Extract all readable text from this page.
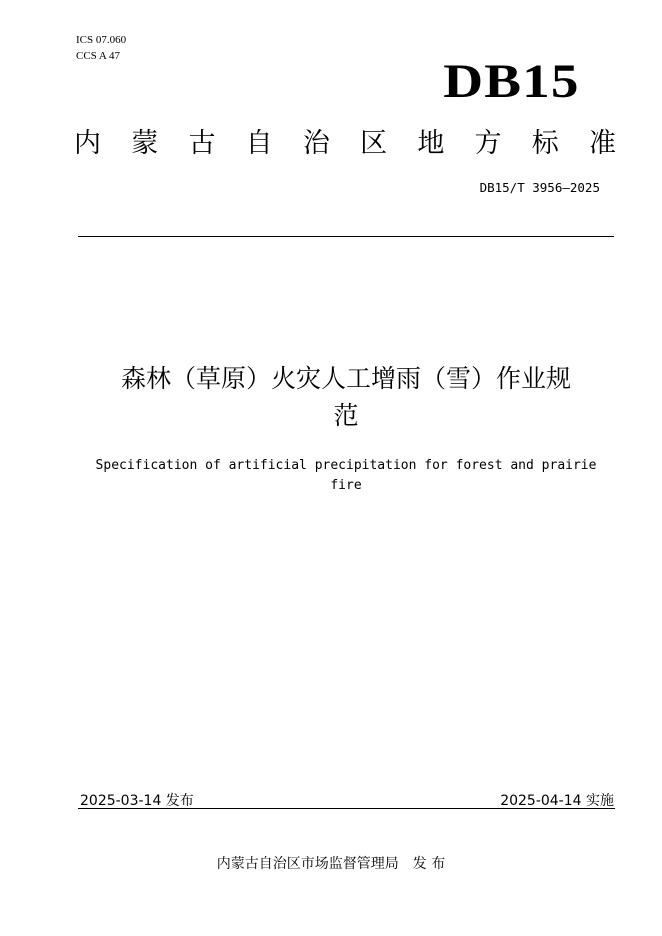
ICS 07.060
CCS A 47	DB15
内 蒙 古 自 治 区 地 方 标 准
DB15/T 3956—2025
森林（草原）火灾人工增雨（雪）作业规
范
Specification of artificial precipitation for forest and prairie
fire
2025-03-14 发布	2025-04-14 实施
内蒙古自治区市场监督管理局　发 布
